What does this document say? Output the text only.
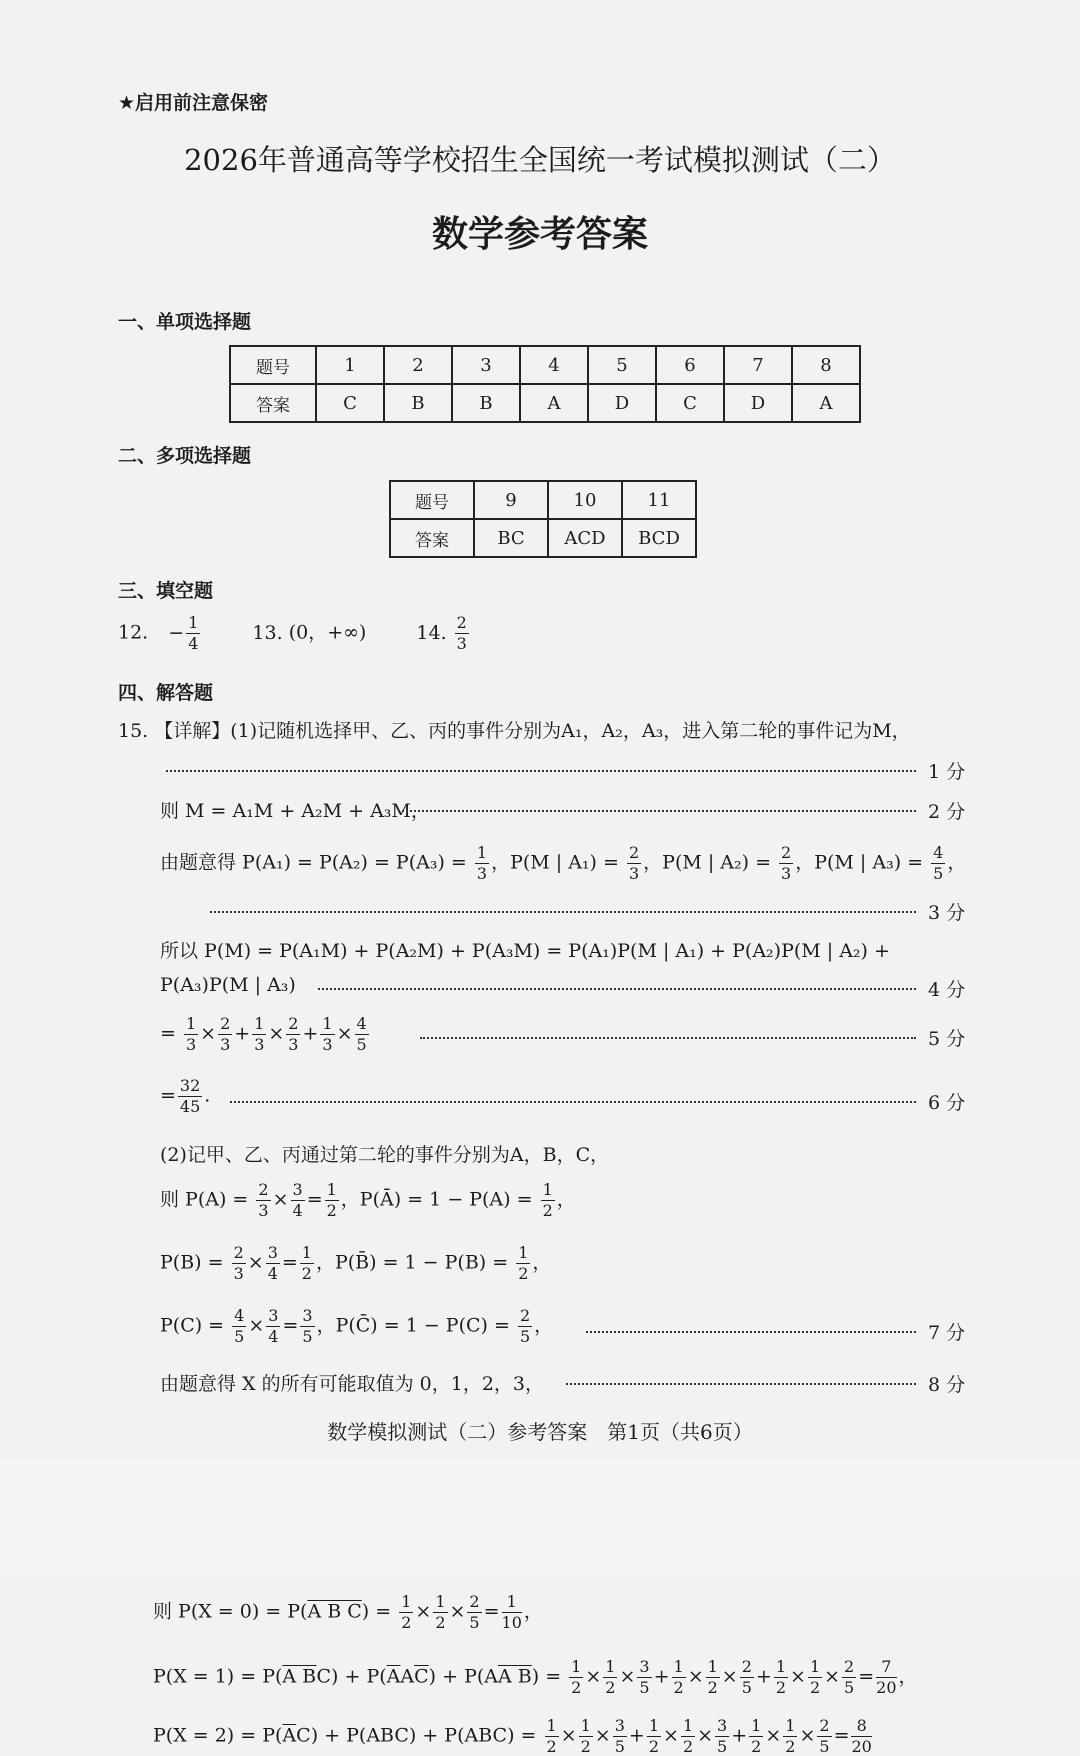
★启用前注意保密
2026年普通高等学校招生全国统一考试模拟测试（二）
数学参考答案
一、单项选择题
题号	1	2	3	4	5	6	7	8
答案	C	B	B	A	D	C	D	A
二、多项选择题
题号	9	10	11
答案	BC	ACD	BCD
三、填空题
12. − $\frac{1}{4}$	13. (0，+∞)	14. $\frac{2}{3}$
四、解答题
15. 【详解】(1)记随机选择甲、乙、丙的事件分别为A₁，A₂，A₃，进入第二轮的事件记为M，
1 分
则 M = A₁M + A₂M + A₃M，	2 分
由题意得 $P(A_1) = P(A_2) = P(A_3) = \frac{1}{3}$ ，P(M | $A_1) = \frac{2}{3}$ ，P(M | $A_2) = \frac{2}{3}$ ，P(M | $A_3) = \frac{4}{5}$ ，
3 分
所以 P(M) = P(A₁M) + P(A₂M) + P(A₃M) = P(A₁)P(M | A₁) + P(A₂)P(M | A₂) +
P(A₃)P(M | A₃)	4 分
= $\frac{1}{3} \times \frac{2}{3} + \frac{1}{3} \times \frac{2}{3} + \frac{1}{3} \times \frac{4}{5}$	5 分
= $\frac{32}{45}$ .	6 分
(2)记甲、乙、丙通过第二轮的事件分别为A，B，C，
则 $P(A) = \frac{2}{3} \times \frac{3}{4} = \frac{1}{2}$ ，P(Ā) = $1 - P(A) = \frac{1}{2}$ ，
$P(B) = \frac{2}{3} \times \frac{3}{4} = \frac{1}{2}$ ，P(B̄) = $1 - P(B) = \frac{1}{2}$ ，
$P(C) = \frac{4}{5} \times \frac{3}{4} = \frac{3}{5}$ ，P(C̄) = $1 - P(C) = \frac{2}{5}$ ，	7 分
由题意得 X 的所有可能取值为 0，1，2，3，	8 分
数学模拟测试（二）参考答案　第1页（共6页）
则 P(X = 0) = P(A B $C) = \frac{1}{2} \times \frac{1}{2} \times \frac{2}{5} = \frac{1}{10}$ ，
P(X = 1) = P(A $BC) + P(\overline{A}A\overline{C}) + P(AA$ $B) = \frac{1}{2} \times \frac{1}{2} \times \frac{3}{5} + \frac{1}{2} \times \frac{1}{2} \times \frac{2}{5} + \frac{1}{2} \times \frac{1}{2} \times \frac{2}{5} = \frac{7}{20}$ ，
$P(X = 2) = P(\overline{A}C) + P(ABC) + P(ABC) = \frac{1}{2} \times \frac{1}{2} \times \frac{3}{5} + \frac{1}{2} \times \frac{1}{2} \times \frac{3}{5} + \frac{1}{2} \times \frac{1}{2} \times \frac{2}{5} = \frac{8}{20}$
